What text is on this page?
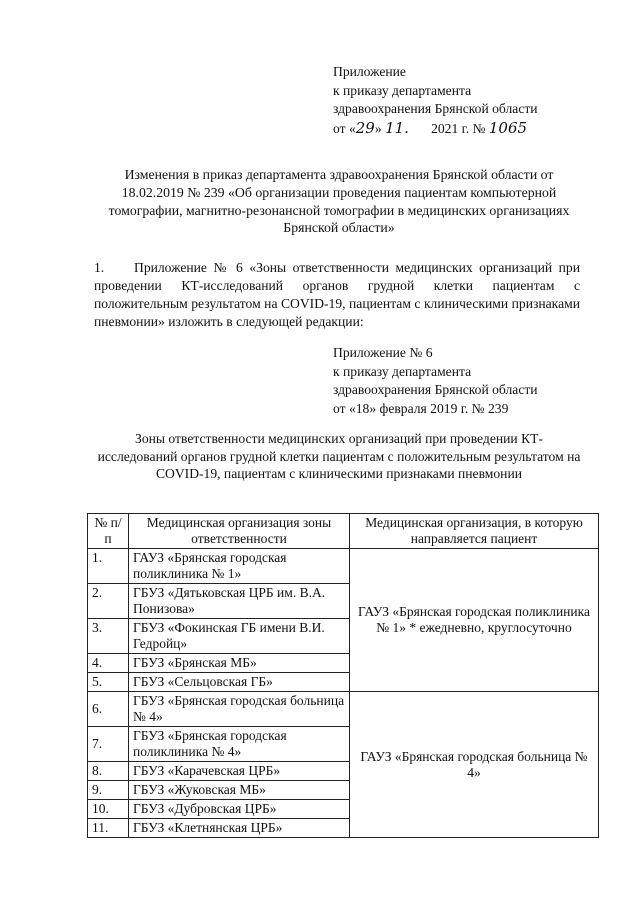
Приложение
к приказу департамента
здравоохранения Брянской области
от «29» 11. 2021 г. № 1065
Изменения в приказ департамента здравоохранения Брянской области от 18.02.2019 № 239 «Об организации проведения пациентам компьютерной томографии, магнитно-резонансной томографии в медицинских организациях Брянской области»
1. Приложение № 6 «Зоны ответственности медицинских организаций при проведении КТ-исследований органов грудной клетки пациентам с положительным результатом на COVID-19, пациентам с клиническими признаками пневмонии» изложить в следующей редакции:
Приложение № 6
к приказу департамента
здравоохранения Брянской области
от «18» февраля 2019 г. № 239
Зоны ответственности медицинских организаций при проведении КТ-исследований органов грудной клетки пациентам с положительным результатом на COVID-19, пациентам с клиническими признаками пневмонии
№ п/п	Медицинская организация зоны ответственности	Медицинская организация, в которую направляется пациент
1.	ГАУЗ «Брянская городская поликлиника № 1»	ГАУЗ «Брянская городская поликлиника № 1» * ежедневно, круглосуточно
2.	ГБУЗ «Дятьковская ЦРБ им. В.А. Понизова»	
3.	ГБУЗ «Фокинская ГБ имени В.И. Гедройц»	
4.	ГБУЗ «Брянская МБ»	
5.	ГБУЗ «Сельцовская ГБ»	
6.	ГБУЗ «Брянская городская больница № 4»	ГАУЗ «Брянская городская больница № 4»
7.	ГБУЗ «Брянская городская поликлиника № 4»	
8.	ГБУЗ «Карачевская ЦРБ»	
9.	ГБУЗ «Жуковская МБ»	
10.	ГБУЗ «Дубровская ЦРБ»	
11.	ГБУЗ «Клетнянская ЦРБ»	
